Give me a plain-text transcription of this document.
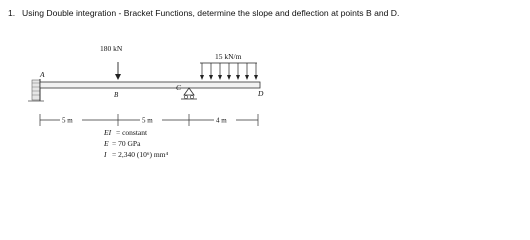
1. Using Double integration - Bracket Functions, determine the slope and deflection at points B and D.
180 kN
15 kN/m
A
B
C
D
5 m	5 m	4 m
EI = constant
E = 70 GPa
I = 2,340 (10⁶) mm⁴
